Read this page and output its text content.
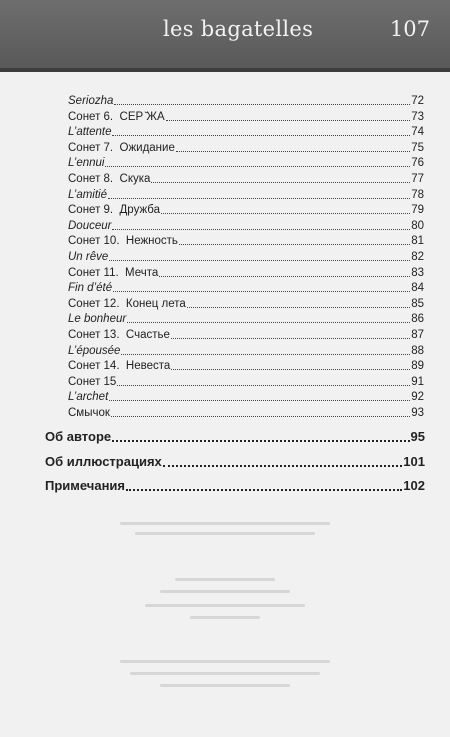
les bagatelles	107
Seriozha	72
Сонет 6.  СЕР ̆ЖА	73
L’attente	74
Сонет 7.  Ожидание	75
L’ennui	76
Сонет 8.  Скука	77
L’amitié	78
Сонет 9.  Дружба	79
Douceur	80
Сонет 10.  Нежность	81
Un rêve	82
Сонет 11.  Мечта	83
Fin d’été	84
Сонет 12.  Конец лета	85
Le bonheur	86
Сонет 13.  Счастье	87
L’épousée	88
Сонет 14.  Невеста	89
Сонет 15	91
L’archet	92
Смычок	93
Об авторе	95
Об иллюстрациях	101
Примечания	102
